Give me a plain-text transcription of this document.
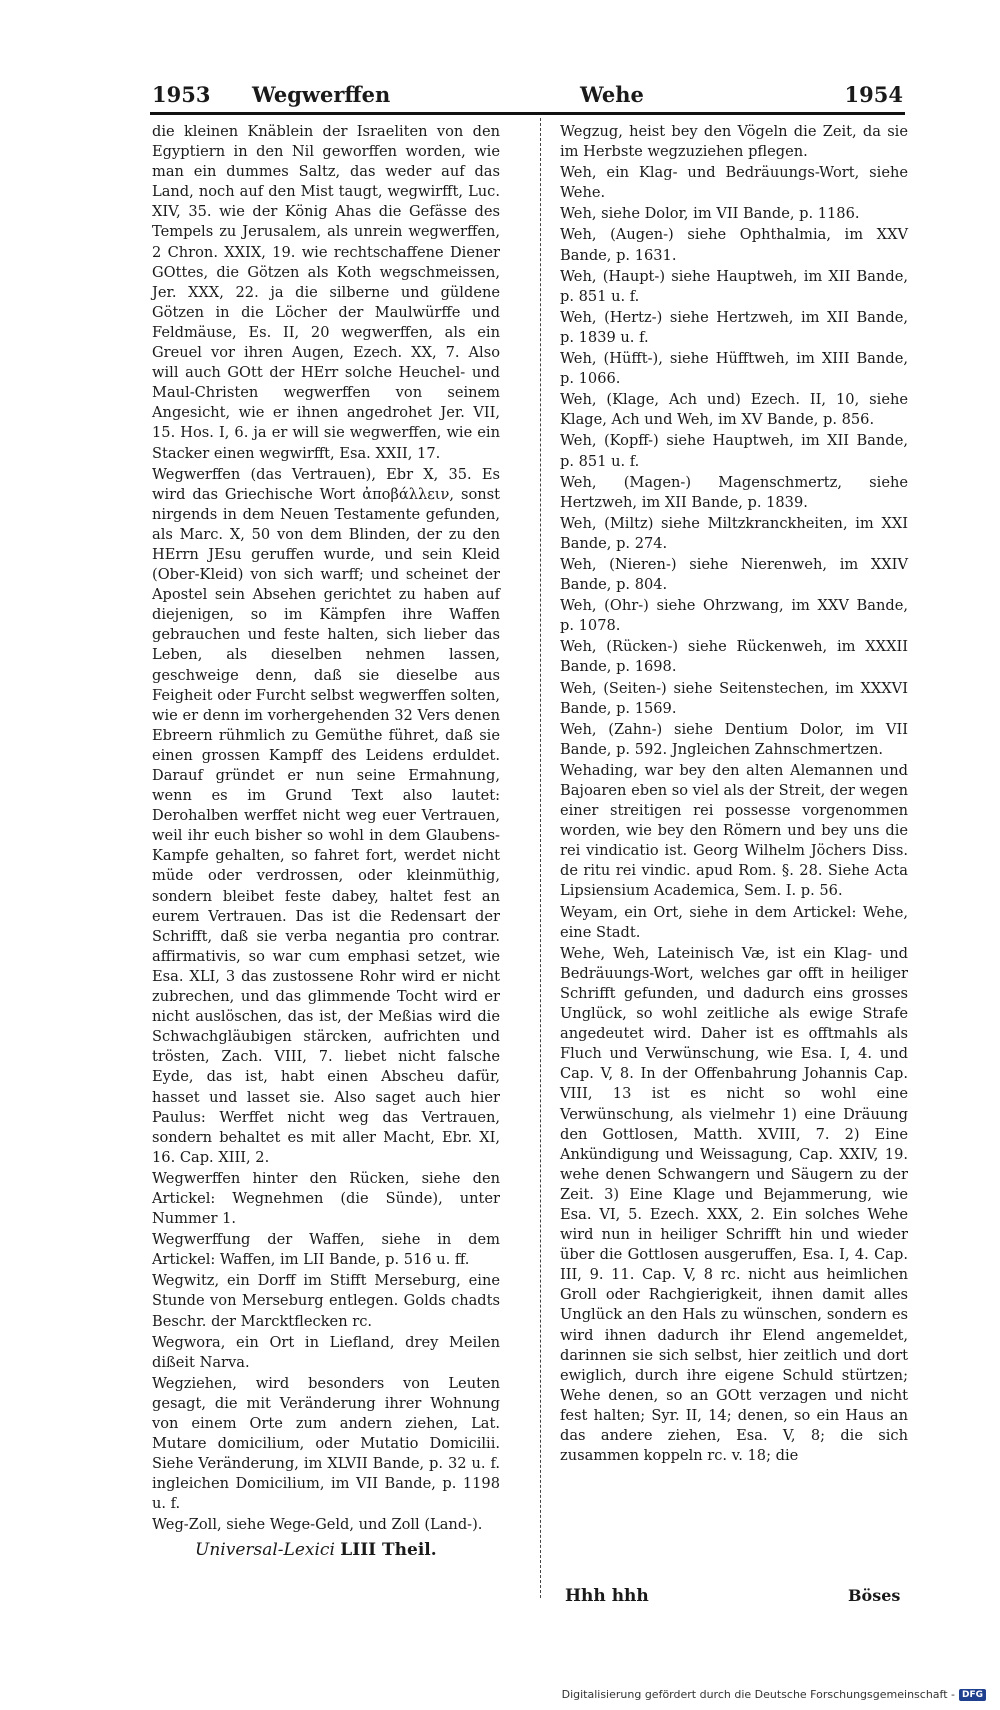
1953 Wegwerffen	Wehe	1954

die kleinen Knäblein der Israeliten von den Egyptiern in den Nil geworffen worden, wie man ein dummes Saltz, das weder auf das Land, noch auf den Mist taugt, wegwirfft, Luc. XIV, 35. wie der König Ahas die Gefässe des Tempels zu Jerusalem, als unrein wegwerffen, 2 Chron. XXIX, 19. wie rechtschaffene Diener GOttes, die Götzen als Koth wegschmeissen, Jer. XXX, 22. ja die silberne und güldene Götzen in die Löcher der Maulwürffe und Feldmäuse, Es. II, 20 wegwerffen, als ein Greuel vor ihren Augen, Ezech. XX, 7. Also will auch GOtt der HErr solche Heuchel- und Maul-Christen wegwerffen von seinem Angesicht, wie er ihnen angedrohet Jer. VII, 15. Hos. I, 6. ja er will sie wegwerffen, wie ein Stacker einen wegwirfft, Esa. XXII, 17.

Wegwerffen (das Vertrauen), Ebr X, 35. Es wird das Griechische Wort ἀποβάλλειν, sonst nirgends in dem Neuen Testamente gefunden, als Marc. X, 50 von dem Blinden, der zu den HErrn JEsu geruffen wurde, und sein Kleid (Ober-Kleid) von sich warff; und scheinet der Apostel sein Absehen gerichtet zu haben auf diejenigen, so im Kämpfen ihre Waffen gebrauchen und feste halten, sich lieber das Leben, als dieselben nehmen lassen, geschweige denn, daß sie dieselbe aus Feigheit oder Furcht selbst wegwerffen solten, wie er denn im vorhergehenden 32 Vers denen Ebreern rühmlich zu Gemüthe führet, daß sie einen grossen Kampff des Leidens erduldet. Darauf gründet er nun seine Ermahnung, wenn es im Grund Text also lautet: Derohalben werffet nicht weg euer Vertrauen, weil ihr euch bisher so wohl in dem Glaubens-Kampfe gehalten, so fahret fort, werdet nicht müde oder verdrossen, oder kleinmüthig, sondern bleibet feste dabey, haltet fest an eurem Vertrauen. Das ist die Redensart der Schrifft, daß sie verba negantia pro contrar. affirmativis, so war cum emphasi setzet, wie Esa. XLI, 3 das zustossene Rohr wird er nicht zubrechen, und das glimmende Tocht wird er nicht auslöschen, das ist, der Meßias wird die Schwachgläubigen stärcken, aufrichten und trösten, Zach. VIII, 7. liebet nicht falsche Eyde, das ist, habt einen Abscheu dafür, hasset und lasset sie. Also saget auch hier Paulus: Werffet nicht weg das Vertrauen, sondern behaltet es mit aller Macht, Ebr. XI, 16. Cap. XIII, 2.

Wegwerffen hinter den Rücken, siehe den Artickel: Wegnehmen (die Sünde), unter Nummer 1.

Wegwerffung der Waffen, siehe in dem Artickel: Waffen, im LII Bande, p. 516 u. ff.

Wegwitz, ein Dorff im Stifft Merseburg, eine Stunde von Merseburg entlegen. Golds chadts Beschr. der Marcktflecken rc.

Wegwora, ein Ort in Liefland, drey Meilen dißeit Narva.

Wegziehen, wird besonders von Leuten gesagt, die mit Veränderung ihrer Wohnung von einem Orte zum andern ziehen, Lat. Mutare domicilium, oder Mutatio Domicilii. Siehe Veränderung, im XLVII Bande, p. 32 u. f. ingleichen Domicilium, im VII Bande, p. 1198 u. f.

Weg-Zoll, siehe Wege-Geld, und Zoll (Land-).

Wegzug, heist bey den Vögeln die Zeit, da sie im Herbste wegzuziehen pflegen.

Weh, ein Klag- und Bedräuungs-Wort, siehe Wehe.

Weh, siehe Dolor, im VII Bande, p. 1186.

Weh, (Augen-) siehe Ophthalmia, im XXV Bande, p. 1631.

Weh, (Haupt-) siehe Hauptweh, im XII Bande, p. 851 u. f.

Weh, (Hertz-) siehe Hertzweh, im XII Bande, p. 1839 u. f.

Weh, (Hüfft-), siehe Hüfftweh, im XIII Bande, p. 1066.

Weh, (Klage, Ach und) Ezech. II, 10, siehe Klage, Ach und Weh, im XV Bande, p. 856.

Weh, (Kopff-) siehe Hauptweh, im XII Bande, p. 851 u. f.

Weh, (Magen-) Magenschmertz, siehe Hertzweh, im XII Bande, p. 1839.

Weh, (Miltz) siehe Miltzkranckheiten, im XXI Bande, p. 274.

Weh, (Nieren-) siehe Nierenweh, im XXIV Bande, p. 804.

Weh, (Ohr-) siehe Ohrzwang, im XXV Bande, p. 1078.

Weh, (Rücken-) siehe Rückenweh, im XXXII Bande, p. 1698.

Weh, (Seiten-) siehe Seitenstechen, im XXXVI Bande, p. 1569.

Weh, (Zahn-) siehe Dentium Dolor, im VII Bande, p. 592. Jngleichen Zahnschmertzen.

Wehading, war bey den alten Alemannen und Bajoaren eben so viel als der Streit, der wegen einer streitigen rei possesse vorgenommen worden, wie bey den Römern und bey uns die rei vindicatio ist. Georg Wilhelm Jöchers Diss. de ritu rei vindic. apud Rom. §. 28. Siehe Acta Lipsiensium Academica, Sem. I. p. 56.

Weyam, ein Ort, siehe in dem Artickel: Wehe, eine Stadt.

Wehe, Weh, Lateinisch Væ, ist ein Klag- und Bedräuungs-Wort, welches gar offt in heiliger Schrifft gefunden, und dadurch eins grosses Unglück, so wohl zeitliche als ewige Strafe angedeutet wird. Daher ist es offtmahls als Fluch und Verwünschung, wie Esa. I, 4. und Cap. V, 8. In der Offenbahrung Johannis Cap. VIII, 13 ist es nicht so wohl eine Verwünschung, als vielmehr 1) eine Dräuung den Gottlosen, Matth. XVIII, 7. 2) Eine Ankündigung und Weissagung, Cap. XXIV, 19. wehe denen Schwangern und Säugern zu der Zeit. 3) Eine Klage und Bejammerung, wie Esa. VI, 5. Ezech. XXX, 2. Ein solches Wehe wird nun in heiliger Schrifft hin und wieder über die Gottlosen ausgeruffen, Esa. I, 4. Cap. III, 9. 11. Cap. V, 8 rc. nicht aus heimlichen Groll oder Rachgierigkeit, ihnen damit alles Unglück an den Hals zu wünschen, sondern es wird ihnen dadurch ihr Elend angemeldet, darinnen sie sich selbst, hier zeitlich und dort ewiglich, durch ihre eigene Schuld stürtzen; Wehe denen, so an GOtt verzagen und nicht fest halten; Syr. II, 14; denen, so ein Haus an das andere ziehen, Esa. V, 8; die sich zusammen koppeln rc. v. 18; die

Universal-Lexici LIII Theil.
Hhh hhh	Böses
Digitalisierung gefördert durch die Deutsche Forschungsgemeinschaft - DFG
